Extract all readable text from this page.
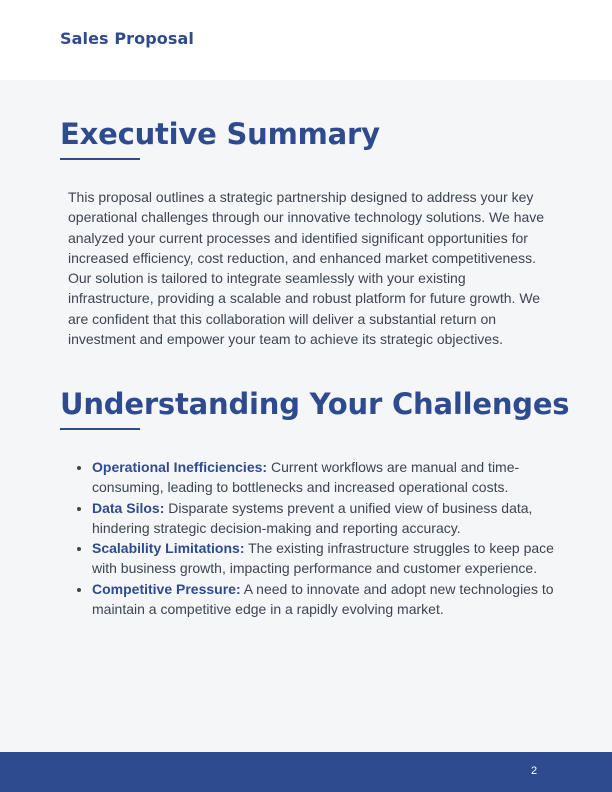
Sales Proposal
Executive Summary

This proposal outlines a strategic partnership designed to address your key operational challenges through our innovative technology solutions. We have analyzed your current processes and identified significant opportunities for increased efficiency, cost reduction, and enhanced market competitiveness. Our solution is tailored to integrate seamlessly with your existing infrastructure, providing a scalable and robust platform for future growth. We are confident that this collaboration will deliver a substantial return on investment and empower your team to achieve its strategic objectives.

Understanding Your Challenges
• Operational Inefficiencies: Current workflows are manual and time-consuming, leading to bottlenecks and increased operational costs.
• Data Silos: Disparate systems prevent a unified view of business data, hindering strategic decision-making and reporting accuracy.
• Scalability Limitations: The existing infrastructure struggles to keep pace with business growth, impacting performance and customer experience.
• Competitive Pressure: A need to innovate and adopt new technologies to maintain a competitive edge in a rapidly evolving market.
2
